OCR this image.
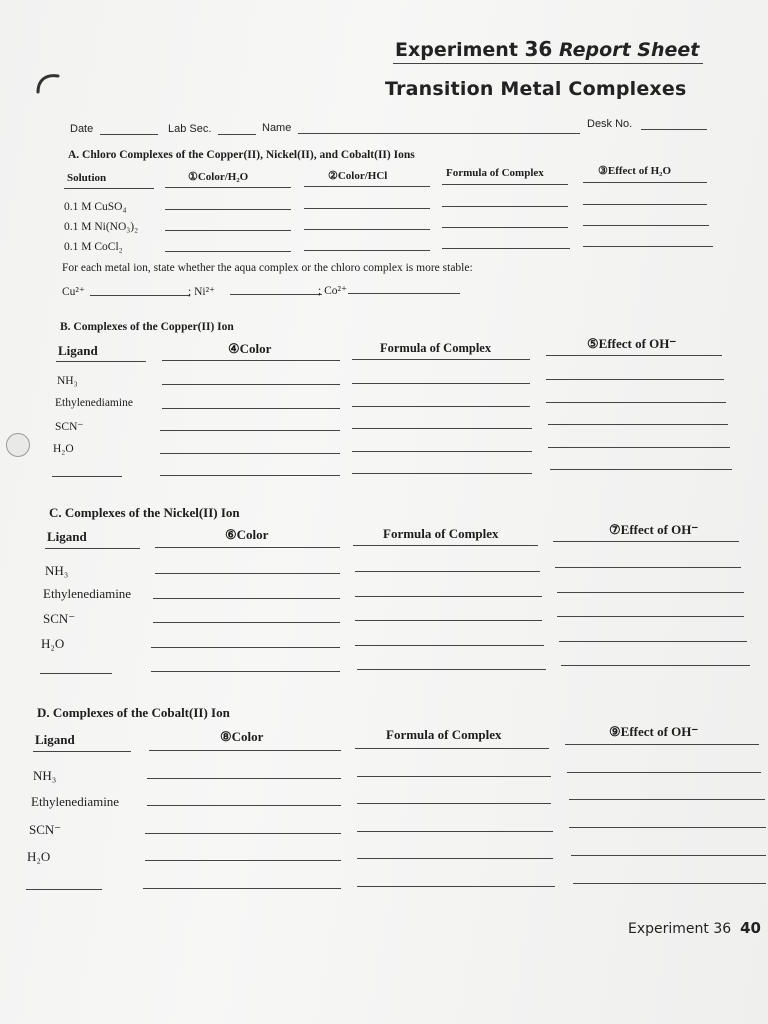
Experiment 36 Report Sheet
Transition Metal Complexes
Date	Lab Sec.	Name	Desk No.
A. Chloro Complexes of the Copper(II), Nickel(II), and Cobalt(II) Ions
Solution	①Color/H₂O	②Color/HCl	Formula of Complex	③Effect of H₂O
0.1 M CuSO₄
0.1 M Ni(NO₃)₂
0.1 M CoCl₂
For each metal ion, state whether the aqua complex or the chloro complex is more stable:
Cu²⁺	; Ni²⁺	; Co²⁺
B. Complexes of the Copper(II) Ion
Ligand	④Color	Formula of Complex	⑤Effect of OH⁻
NH₃
Ethylenediamine
SCN⁻
H₂O
C. Complexes of the Nickel(II) Ion
Ligand	⑥Color	Formula of Complex	⑦Effect of OH⁻
NH₃
Ethylenediamine
SCN⁻
H₂O
D. Complexes of the Cobalt(II) Ion
Ligand	⑧Color	Formula of Complex	⑨Effect of OH⁻
NH₃
Ethylenediamine
SCN⁻
H₂O
Experiment 36 40
